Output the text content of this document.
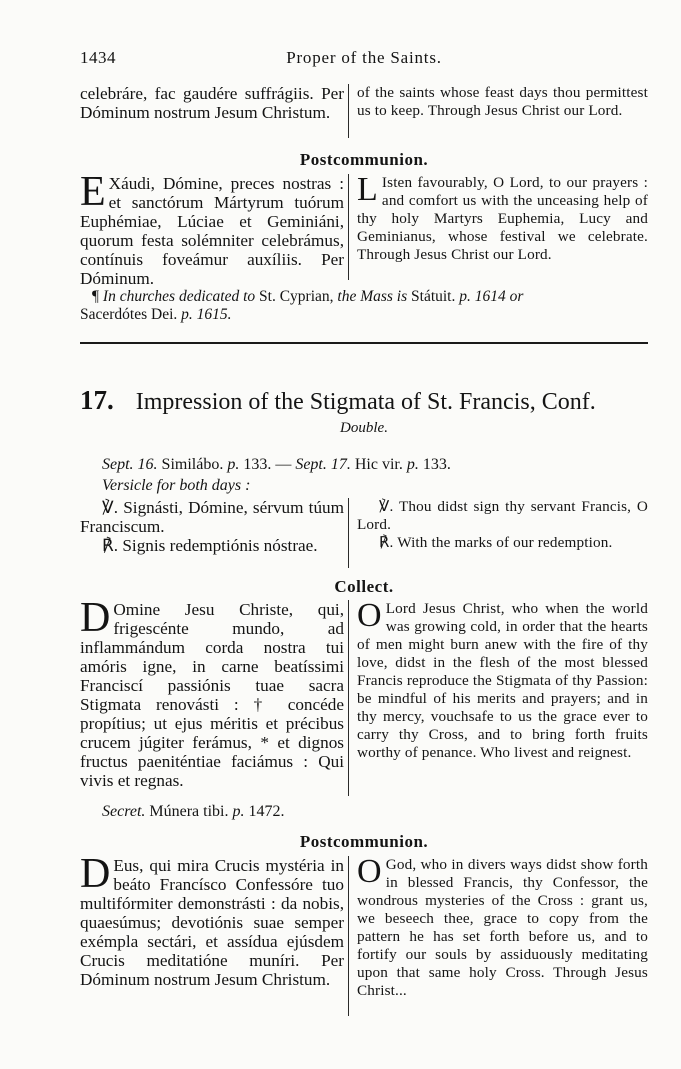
1434	Proper of the Saints.

celebráre, fac gaudére suffrágiis. Per Dóminum nostrum Jesum Christum.

of the saints whose feast days thou permittest us to keep. Through Jesus Christ our Lord.

Postcommunion.

E Xáudi, Dómine, preces nostras : et sanctórum Mártyrum tuórum Euphémiae, Lúciae et Geminiáni, quorum festa solémniter celebrámus, contínuis foveámur auxíliis. Per Dóminum.

L Isten favourably, O Lord, to our prayers : and comfort us with the unceasing help of thy holy Martyrs Euphemia, Lucy and Geminianus, whose festival we celebrate. Through Jesus Christ our Lord.

¶ In churches dedicated to St. Cyprian, the Mass is Státuit. p. 1614 or
Sacerdótes Dei. p. 1615.
17. Impression of the Stigmata of St. Francis, Conf.
Double.
Sept. 16. Similábo. p. 133. — Sept. 17. Hic vir. p. 133.
Versicle for both days :

℣. Signásti, Dómine, sérvum túum Franciscum.

℟. Signis redemptiónis nóstrae.

℣. Thou didst sign thy servant Francis, O Lord.

℟. With the marks of our redemption.

Collect.

D Omine Jesu Christe, qui, frigescénte mundo, ad inflammándum corda nostra tui amóris igne, in carne beatíssimi Franciscí passiónis tuae sacra Stigmata renovásti : † concéde propítius; ut ejus méritis et précibus crucem júgiter ferámus, * et dignos fructus paeniténtiae faciámus : Qui vivis et regnas.

O Lord Jesus Christ, who when the world was growing cold, in order that the hearts of men might burn anew with the fire of thy love, didst in the flesh of the most blessed Francis reproduce the Stigmata of thy Passion: be mindful of his merits and prayers; and in thy mercy, vouchsafe to us the grace ever to carry thy Cross, and to bring forth fruits worthy of penance. Who livest and reignest.

Secret. Múnera tibi. p. 1472.
Postcommunion.

D Eus, qui mira Crucis mystéria in beáto Francísco Confessóre tuo multifórmiter demonstrásti : da nobis, quaesúmus; devotiónis suae semper exémpla sectári, et assídua ejúsdem Crucis meditatióne muníri. Per Dóminum nostrum Jesum Christum.

O God, who in divers ways didst show forth in blessed Francis, thy Confessor, the wondrous mysteries of the Cross : grant us, we beseech thee, grace to copy from the pattern he has set forth before us, and to fortify our souls by assiduously meditating upon that same holy Cross. Through Jesus Christ...
